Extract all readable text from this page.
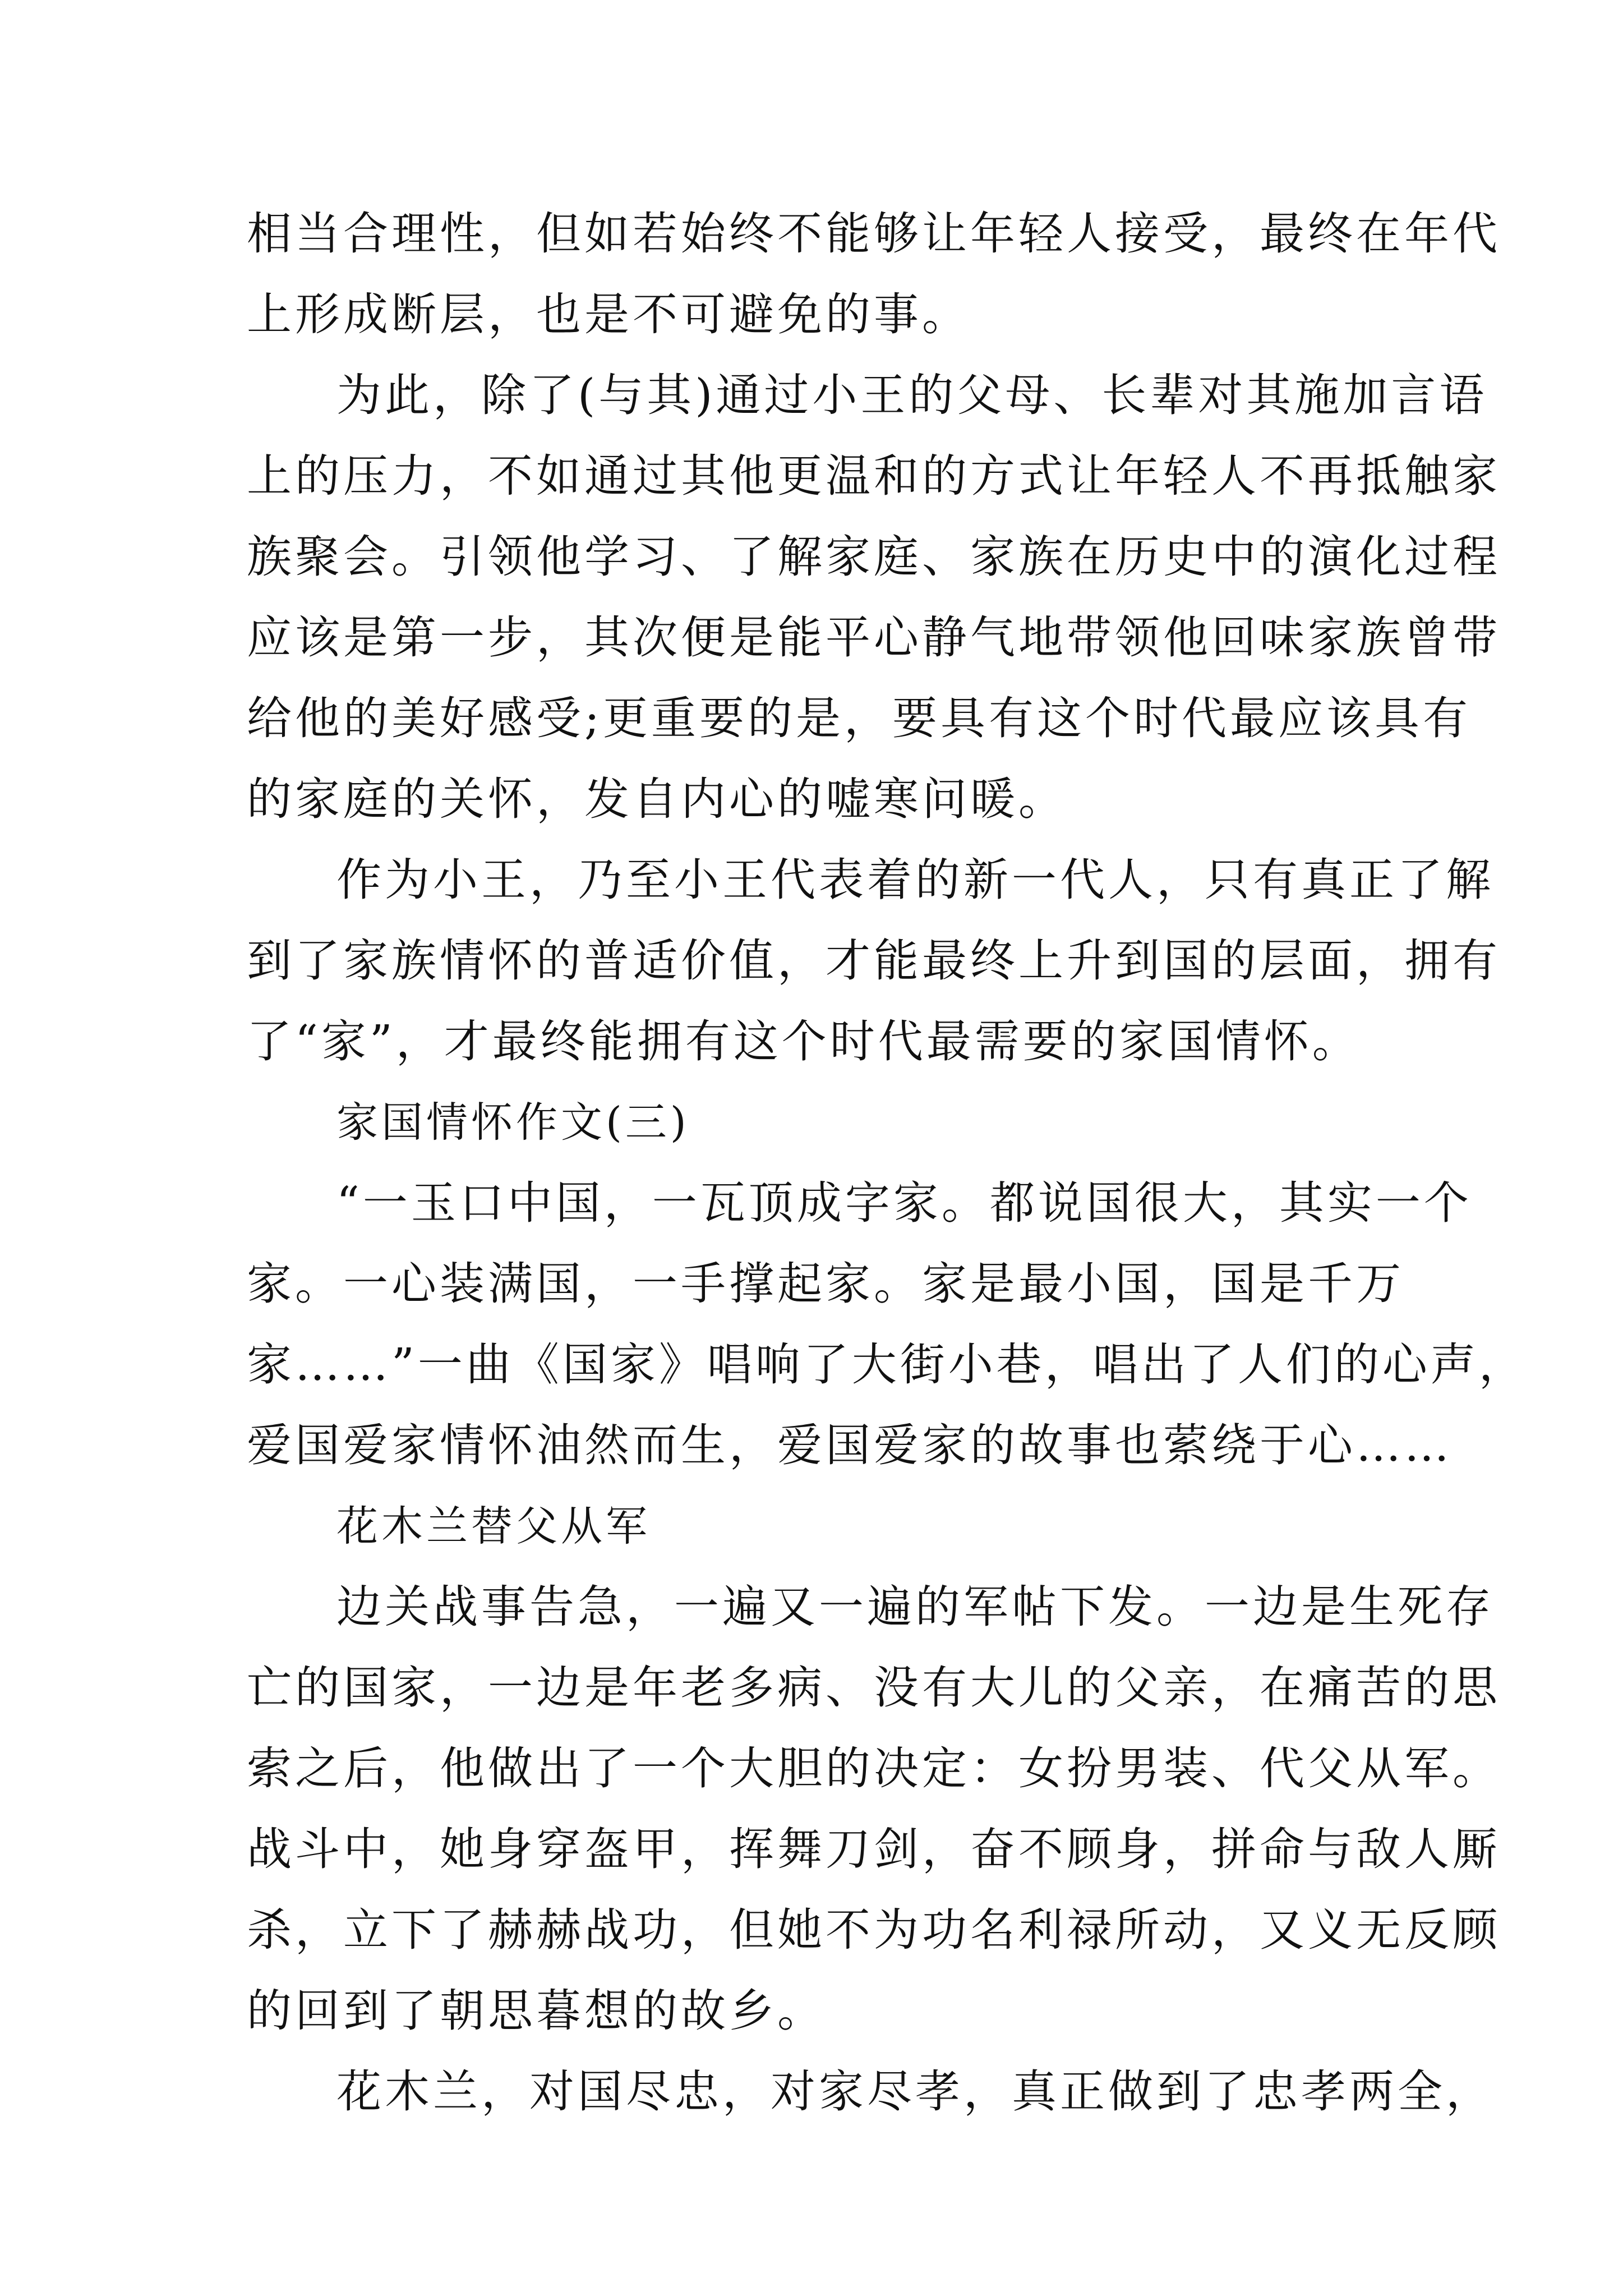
相当合理性，但如若始终不能够让年轻人接受，最终在年代
上形成断层，也是不可避免的事。
为此，除了(与其)通过小王的父母、长辈对其施加言语
上的压力，不如通过其他更温和的方式让年轻人不再抵触家
族聚会。引领他学习、了解家庭、家族在历史中的演化过程
应该是第一步，其次便是能平心静气地带领他回味家族曾带
给他的美好感受;更重要的是，要具有这个时代最应该具有
的家庭的关怀，发自内心的嘘寒问暖。
作为小王，乃至小王代表着的新一代人，只有真正了解
到了家族情怀的普适价值，才能最终上升到国的层面，拥有
了“家”，才最终能拥有这个时代最需要的家国情怀。
家国情怀作文(三)
“一玉口中国，一瓦顶成字家。都说国很大，其实一个
家。一心装满国，一手撑起家。家是最小国，国是千万
家……”一曲《国家》唱响了大街小巷，唱出了人们的心声，
爱国爱家情怀油然而生，爱国爱家的故事也萦绕于心……
花木兰替父从军
边关战事告急，一遍又一遍的军帖下发。一边是生死存
亡的国家，一边是年老多病、没有大儿的父亲，在痛苦的思
索之后，他做出了一个大胆的决定：女扮男装、代父从军。
战斗中，她身穿盔甲，挥舞刀剑，奋不顾身，拼命与敌人厮
杀，立下了赫赫战功，但她不为功名利禄所动，又义无反顾
的回到了朝思暮想的故乡。
花木兰，对国尽忠，对家尽孝，真正做到了忠孝两全，
